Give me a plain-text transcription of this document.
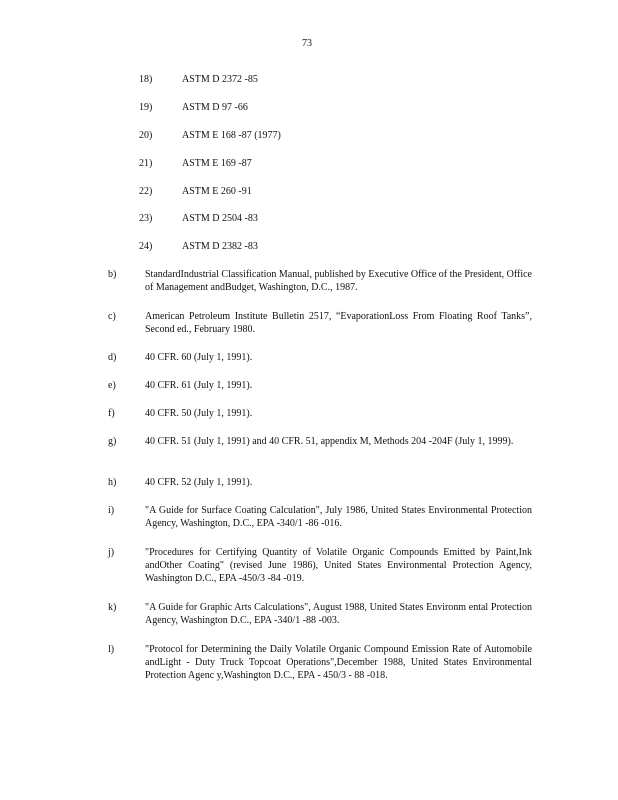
73
18)	ASTM D 2372 -85
19)	ASTM D 97 -66
20)	ASTM E 168 -87 (1977)
21)	ASTM E 169 -87
22)	ASTM E 260 -91
23)	ASTM D 2504 -83
24)	ASTM D 2382 -83
b)	StandardIndustrial Classification Manual, published by Executive Office of the President, Office of Management andBudget, Washington, D.C., 1987.
c)	American Petroleum Institute Bulletin 2517, “EvaporationLoss From Floating Roof Tanks”, Second ed., February 1980.
d)	40 CFR. 60 (July 1, 1991).
e)	40 CFR. 61 (July 1, 1991).
f)	40 CFR. 50 (July 1, 1991).
g)	40 CFR. 51 (July 1, 1991) and 40 CFR. 51, appendix M, Methods 204 -204F (July 1, 1999).
h)	40 CFR. 52 (July 1, 1991).
i)	"A Guide for Surface Coating Calculation", July 1986, United States Environmental Protection Agency, Washington, D.C., EPA -340/1 -86 -016.
j)	"Procedures for Certifying Quantity of Volatile Organic Compounds Emitted by Paint,Ink andOther Coating" (revised June 1986), United States Environmental Protection Agency, Washington D.C., EPA -450/3 -84 -019.
k)	"A Guide for Graphic Arts Calculations", August 1988, United States Environm ental Protection Agency, Washington D.C., EPA -340/1 -88 -003.
l)	"Protocol for Determining the Daily Volatile Organic Compound Emission Rate of Automobile andLight - Duty Truck Topcoat Operations",December 1988, United States Environmental Protection Agenc y,Washington D.C., EPA - 450/3 - 88 -018.
